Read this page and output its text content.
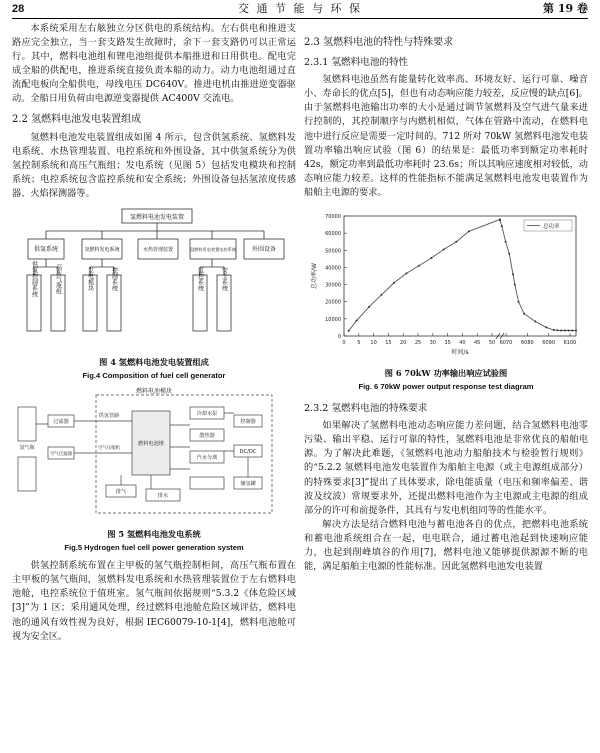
28	交 通 节 能 与 环 保	第 19 卷

本系统采用左右舷独立分区供电的系统结构。左右供电和推进支路应完全独立，当一套支路发生故障时，余下一套支路仍可以正常运行。其中，燃料电池组和锂电池组提供本船推进和日用供电。配电完成全船的供配电，推进系统直接负责本船的动力。动力电池组通过直流配电板向全船供电，母线电压 DC640V。推进电机由推进逆变器驱动。全船日用负荷由电源逆变器提供 AC400V 交流电。

2.2 氢燃料电池发电装置组成

氢燃料电池发电装置组成如图 4 所示，包含供氢系统、氢燃料发电系统、水热管理装置、电控系统和外围设备，其中供氢系统分为供氢控制系统和高压气瓶组；发电系统（见图 5）包括发电模块和控制系统；电控系统包含监控系统和安全系统；外围设备包括氢浓度传感器、火焰探测器等。

氢燃料电池发电装置
供氢系统	氢燃料发电系统	水热管理装置	氢燃料发电装置电控系统	外围设备
供氢控制系统	高压气瓶组	发电模块	控制系统	监控系统	安全系统
图 4 氢燃料电池发电装置组成
Fig.4 Composition of fuel cell generator
燃料电池模块
氢气瓶
过滤器
供氢管路
空气过滤器
空气压缩机
燃料电池堆
冷却水泵
散热器
汽水分离
控制器
DC/DC
排气
排水
储氢罐
图 5 氢燃料电池发电系统
Fig.5 Hydrogen fuel cell power generation system

供氢控制系统布置在主甲板的氢气瓶控制柜间，高压气瓶布置在主甲板的氢气瓶间，氢燃料发电系统和水热管理装置位于左右燃料电池舱，电控系统位于值班室。氢气瓶间依据规则“5.3.2《体危险区域[3]”为 1 区；采用通风处理，经过燃料电池舱危险区域评估，燃料电池的通风有效性视为良好，根据 IEC60079-10-1[4]，燃料电池舱可视为安全区。

2.3 氢燃料电池的特性与特殊要求
2.3.1 氢燃料电池的特性

氢燃料电池虽然有能量转化效率高、环境友好、运行可靠、噪音小、寿命长的优点[5]，但也有动态响应能力较差，反应慢的缺点[6]。由于氢燃料电池输出功率的大小是通过调节氢燃料及空气进气量来进行控制的，其控制顺序与内燃机相似，气体在管路中流动，在燃料电池中进行反应是需要一定时间的。712 所对 70kW 氢燃料电池发电装置功率输出响应试验（图 6）的结果是：最低功率到额定功率耗时 42s，额定功率到最低功率耗时 23.6s；所以其响应速度相对较低，动态响应能力较差。这样的性能指标不能满足氢燃料电池发电装置作为船舶主电源的要求。

0
10000
20000
30000
40000
50000
60000
70000
0 5 10 15 20 25 30 35 40 45 50 6070 6080 6090 6100
时间/s
总功率/W
总功率
图 6 70kW 功率输出响应试验图
Fig. 6 70kW power output response test diagram
2.3.2 氢燃料电池的特殊要求

如果解决了氢燃料电池动态响应能力差问题，结合氢燃料电池零污染、输出平稳、运行可靠的特性，氢燃料电池是非常优良的船舶电源。为了解决此难题，《氢燃料电池动力船舶技术与检验暂行规则》的“5.2.2 氢燃料电池发电装置作为船舶主电源（或主电源组成部分）的特殊要求[3]”提出了具体要求，除电能质量（电压和频率偏差、谐波及纹波）常规要求外，还提出燃料电池作为主电源或主电源的组成部分的许可和前提条件，其具有与发电机组同等的性能水平。

解决方法是结合燃料电池与蓄电池各自的优点，把燃料电池系统和蓄电池系统组合在一起，电电联合，通过蓄电池起到快速响应能力，也起到削峰填谷的作用[7]，燃料电池又能够提供源源不断的电能，满足船舶主电源的性能标准。因此氢燃料电池发电装置
